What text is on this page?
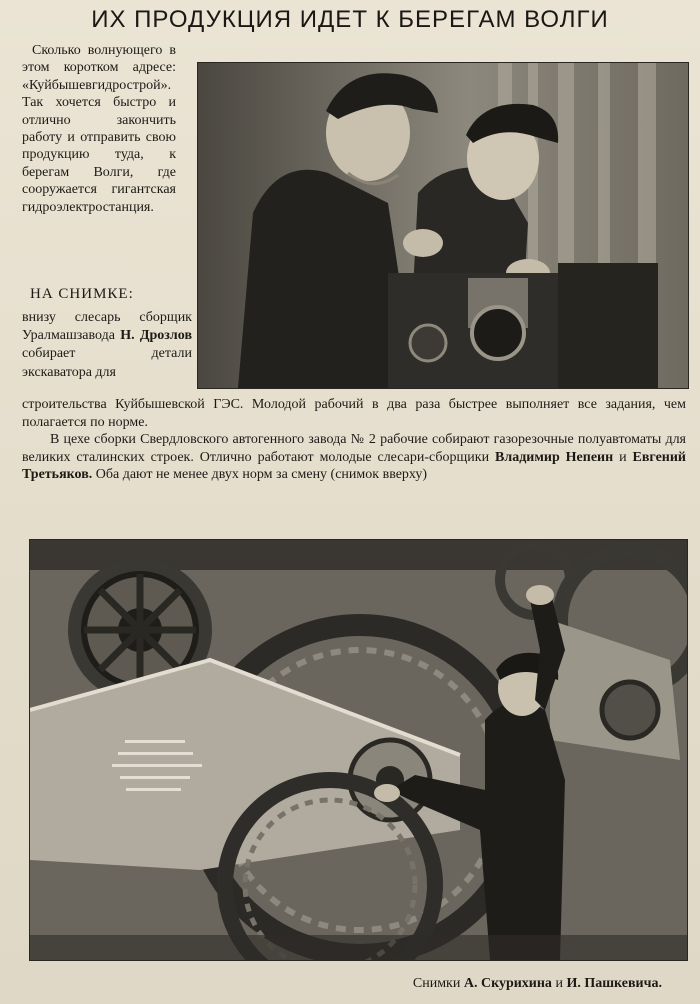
ИХ ПРОДУКЦИЯ ИДЕТ К БЕРЕГАМ ВОЛГИ

Сколько волнующего в этом коротком адресе: «Куйбышевгидрострой». Так хочется быстро и отлично закончить работу и отправить свою продукцию туда, к берегам Волги, где сооружается гигантская гидроэлектростанция.

НА СНИМКЕ:

внизу слесарь сборщик Уралмашзавода Н. Дрозлов собирает детали экскаватора для

строительства Куйбышевской ГЭС. Молодой рабочий в два раза быстрее выполняет все задания, чем полагается по норме.

В цехе сборки Свердловского автогенного завода № 2 рабочие собирают газорезочные полуавтоматы для великих сталинских строек. Отлично работают молодые слесари-сборщики Владимир Непеин и Евгений Третьяков. Оба дают не менее двух норм за смену (снимок вверху)

Снимки А. Скурихина и И. Пашкевича.
